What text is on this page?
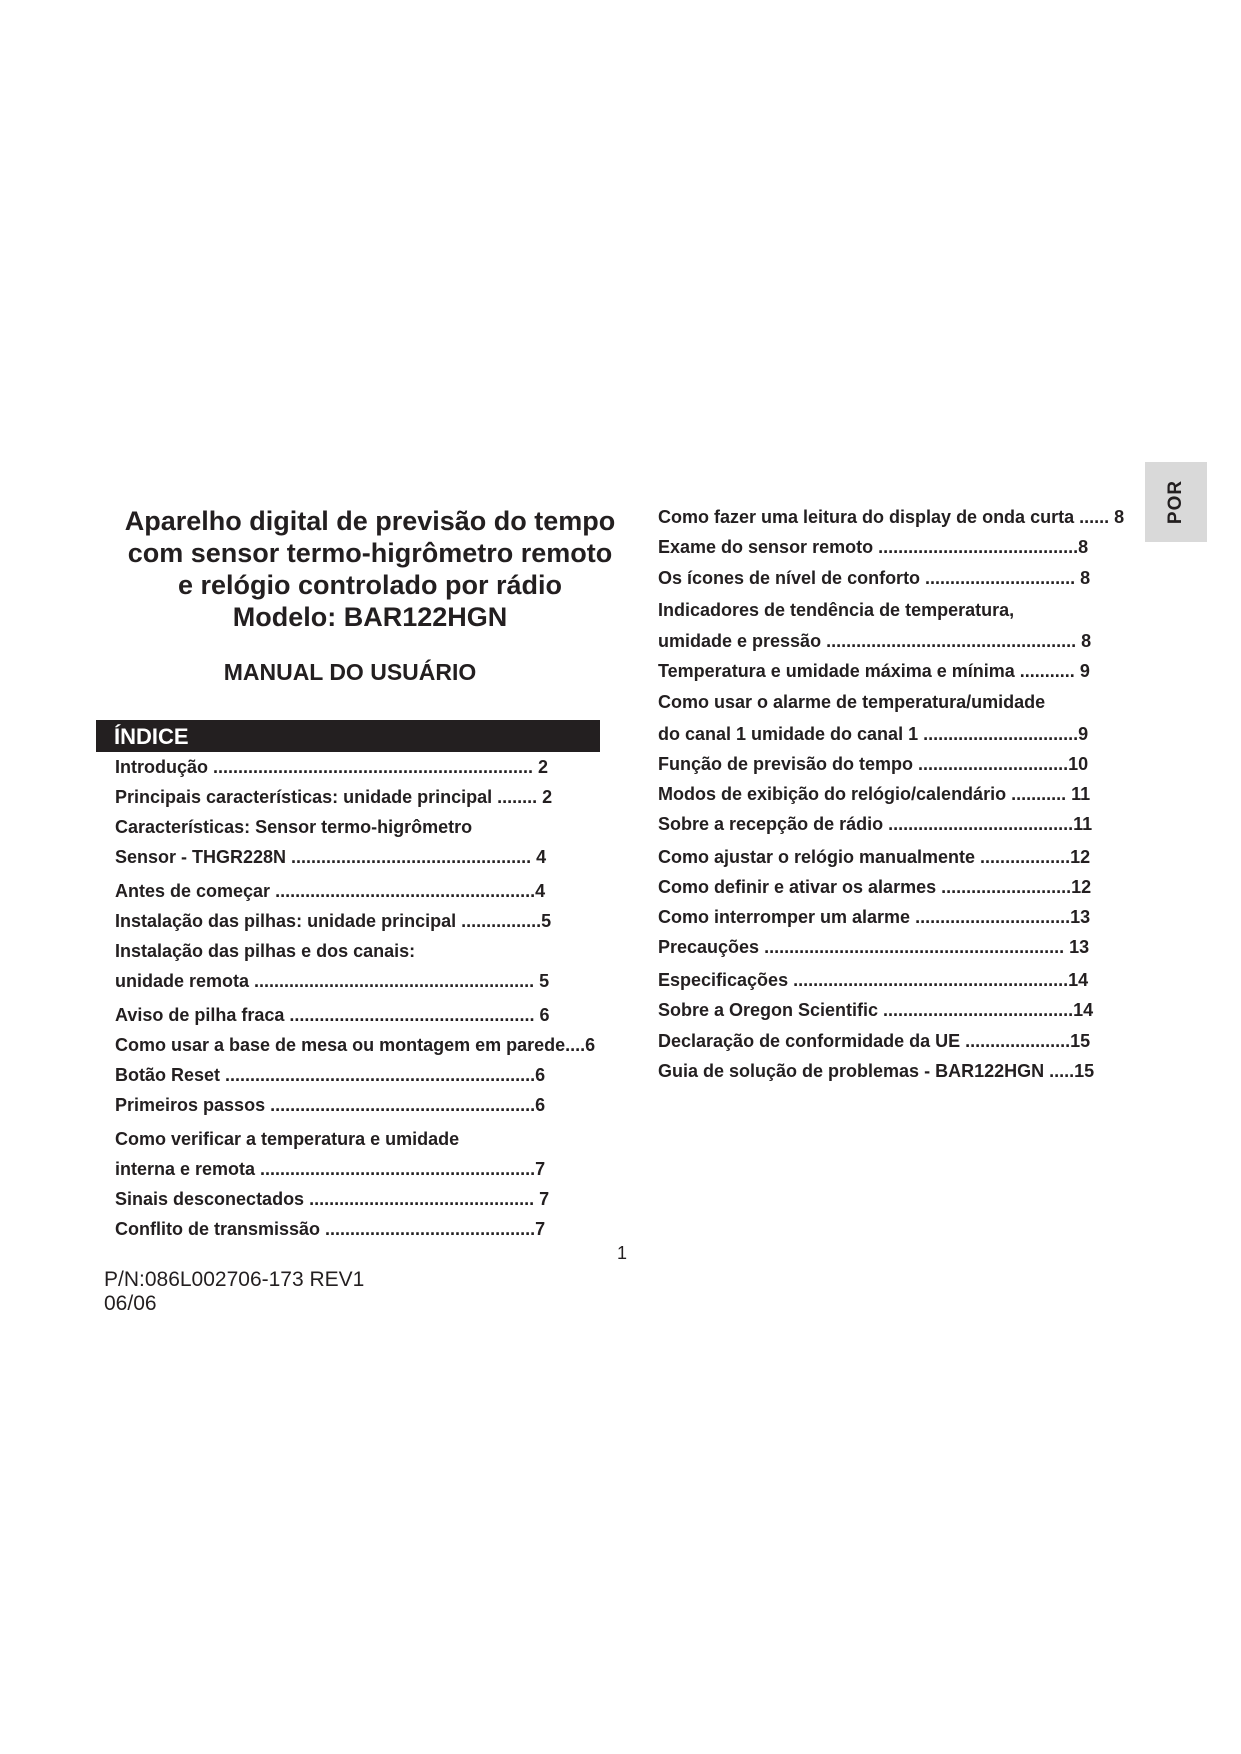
POR
Aparelho digital de previsão do tempo
com sensor termo-higrômetro remoto
e relógio controlado por rádio
Modelo: BAR122HGN
MANUAL DO USUÁRIO
ÍNDICE
Introdução ................................................................ 2
Principais características: unidade principal ........ 2
Características: Sensor termo-higrômetro
Sensor - THGR228N ................................................ 4
Antes de começar ....................................................4
Instalação das pilhas: unidade principal ................5
Instalação das pilhas e dos canais:
unidade remota ........................................................ 5
Aviso de pilha fraca ................................................. 6
Como usar a base de mesa ou montagem em parede....6
Botão Reset ..............................................................6
Primeiros passos .....................................................6
Como verificar a temperatura e umidade
interna e remota .......................................................7
Sinais desconectados ............................................. 7
Conflito de transmissão ..........................................7
Como fazer uma leitura do display de onda curta ...... 8
Exame do sensor remoto ........................................8
Os ícones de nível de conforto .............................. 8
Indicadores de tendência de temperatura,
umidade e pressão .................................................. 8
Temperatura e umidade máxima e mínima ........... 9
Como usar o alarme de temperatura/umidade
do canal 1 umidade do canal 1 ...............................9
Função de previsão do tempo ..............................10
Modos de exibição do relógio/calendário ........... 11
Sobre a recepção de rádio .....................................11
Como ajustar o relógio manualmente ..................12
Como definir e ativar os alarmes ..........................12
Como interromper um alarme ...............................13
Precauções ............................................................ 13
Especificações .......................................................14
Sobre a Oregon Scientific ......................................14
Declaração de conformidade da UE .....................15
Guia de solução de problemas - BAR122HGN .....15
1
P/N:086L002706-173 REV1
06/06
